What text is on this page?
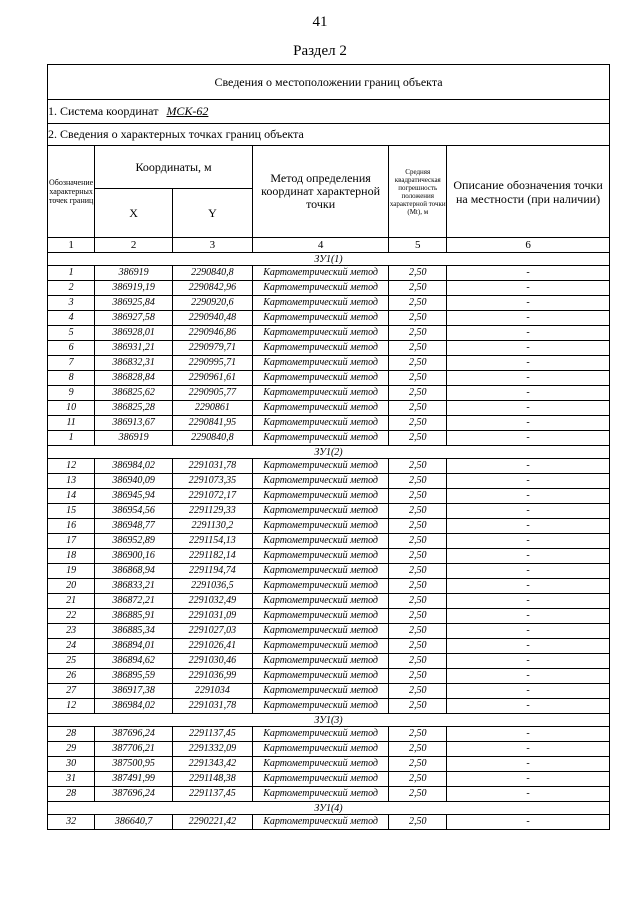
41
Раздел 2
Сведения о местоположении границ объекта					
1. Система координат МСК-62					
2. Сведения о характерных точках границ объекта					
Обозначение характерных точек границ	Координаты, м		Метод определения координат характерной точки	Средняя квадратическая погрешность положения характерной точки (Mt), м	Описание обозначения точки на местности (при наличии)
	X	Y			
1	2	3	4	5	6
ЗУ1(1)					
1	386919	2290840,8	Картометрический метод	2,50	-
2	386919,19	2290842,96	Картометрический метод	2,50	-
3	386925,84	2290920,6	Картометрический метод	2,50	-
4	386927,58	2290940,48	Картометрический метод	2,50	-
5	386928,01	2290946,86	Картометрический метод	2,50	-
6	386931,21	2290979,71	Картометрический метод	2,50	-
7	386832,31	2290995,71	Картометрический метод	2,50	-
8	386828,84	2290961,61	Картометрический метод	2,50	-
9	386825,62	2290905,77	Картометрический метод	2,50	-
10	386825,28	2290861	Картометрический метод	2,50	-
11	386913,67	2290841,95	Картометрический метод	2,50	-
1	386919	2290840,8	Картометрический метод	2,50	-
ЗУ1(2)					
12	386984,02	2291031,78	Картометрический метод	2,50	-
13	386940,09	2291073,35	Картометрический метод	2,50	-
14	386945,94	2291072,17	Картометрический метод	2,50	-
15	386954,56	2291129,33	Картометрический метод	2,50	-
16	386948,77	2291130,2	Картометрический метод	2,50	-
17	386952,89	2291154,13	Картометрический метод	2,50	-
18	386900,16	2291182,14	Картометрический метод	2,50	-
19	386868,94	2291194,74	Картометрический метод	2,50	-
20	386833,21	2291036,5	Картометрический метод	2,50	-
21	386872,21	2291032,49	Картометрический метод	2,50	-
22	386885,91	2291031,09	Картометрический метод	2,50	-
23	386885,34	2291027,03	Картометрический метод	2,50	-
24	386894,01	2291026,41	Картометрический метод	2,50	-
25	386894,62	2291030,46	Картометрический метод	2,50	-
26	386895,59	2291036,99	Картометрический метод	2,50	-
27	386917,38	2291034	Картометрический метод	2,50	-
12	386984,02	2291031,78	Картометрический метод	2,50	-
ЗУ1(3)					
28	387696,24	2291137,45	Картометрический метод	2,50	-
29	387706,21	2291332,09	Картометрический метод	2,50	-
30	387500,95	2291343,42	Картометрический метод	2,50	-
31	387491,99	2291148,38	Картометрический метод	2,50	-
28	387696,24	2291137,45	Картометрический метод	2,50	-
ЗУ1(4)					
32	386640,7	2290221,42	Картометрический метод	2,50	-
